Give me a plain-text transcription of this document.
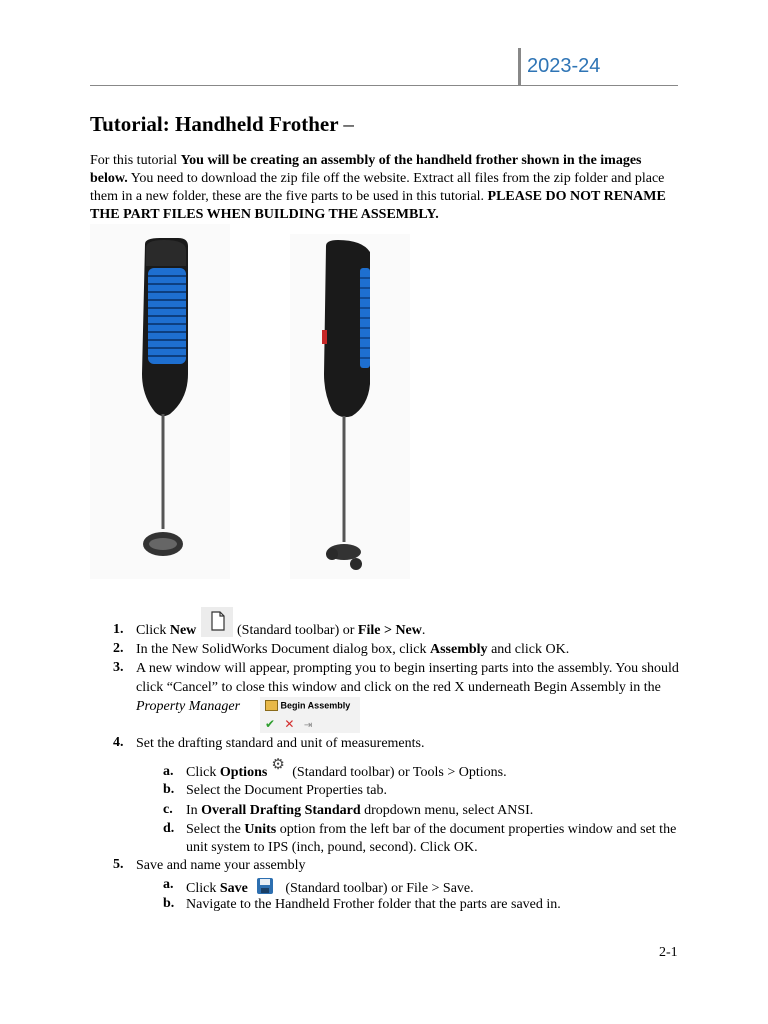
2023-24
Tutorial: Handheld Frother –
For this tutorial You will be creating an assembly of the handheld frother shown in the images below. You need to download the zip file off the website. Extract all files from the zip folder and place them in a new folder, these are the five parts to be used in this tutorial. PLEASE DO NOT RENAME THE PART FILES WHEN BUILDING THE ASSEMBLY.
1. Click New	(Standard toolbar) or File > New.
2. In the New SolidWorks Document dialog box, click Assembly and click OK.
3. A new window will appear, prompting you to begin inserting parts into the assembly. You should
click “Cancel” to close this window and click on the red X underneath Begin Assembly in the
Property Manager	Begin Assembly
✔ ✕ ⇥
4. Set the drafting standard and unit of measurements.
a. Click Options ⚙ (Standard toolbar) or Tools > Options.
b. Select the Document Properties tab.
c. In Overall Drafting Standard dropdown menu, select ANSI.
d. Select the Units option from the left bar of the document properties window and set the
unit system to IPS (inch, pound, second). Click OK.
5. Save and name your assembly
a. Click Save (Standard toolbar) or File > Save.
b. Navigate to the Handheld Frother folder that the parts are saved in.
2-1
